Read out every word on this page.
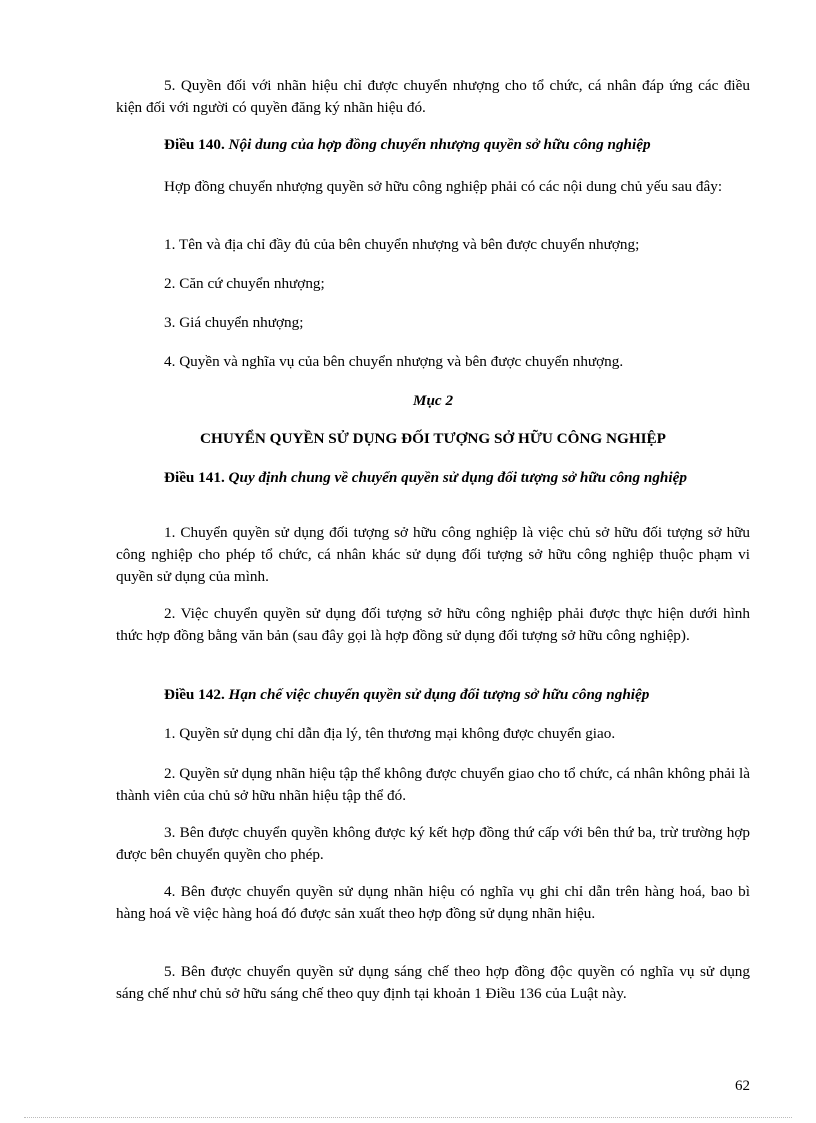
5. Quyền đối với nhãn hiệu chỉ được chuyển nhượng cho tổ chức, cá nhân đáp ứng các điều kiện đối với người có quyền đăng ký nhãn hiệu đó.

Điều 140. Nội dung của hợp đồng chuyển nhượng quyền sở hữu công nghiệp

Hợp đồng chuyển nhượng quyền sở hữu công nghiệp phải có các nội dung chủ yếu sau đây:

1. Tên và địa chỉ đầy đủ của bên chuyển nhượng và bên được chuyển nhượng;

2. Căn cứ chuyển nhượng;

3. Giá chuyển nhượng;

4. Quyền và nghĩa vụ của bên chuyển nhượng và bên được chuyển nhượng.

Mục 2
CHUYỂN QUYỀN SỬ DỤNG ĐỐI TƯỢNG SỞ HỮU CÔNG NGHIỆP
Điều 141. Quy định chung về chuyển quyền sử dụng đối tượng sở hữu công nghiệp

1. Chuyển quyền sử dụng đối tượng sở hữu công nghiệp là việc chủ sở hữu đối tượng sở hữu công nghiệp cho phép tổ chức, cá nhân khác sử dụng đối tượng sở hữu công nghiệp thuộc phạm vi quyền sử dụng của mình.

2. Việc chuyển quyền sử dụng đối tượng sở hữu công nghiệp phải được thực hiện dưới hình thức hợp đồng bằng văn bản (sau đây gọi là hợp đồng sử dụng đối tượng sở hữu công nghiệp).

Điều 142. Hạn chế việc chuyển quyền sử dụng đối tượng sở hữu công nghiệp

1. Quyền sử dụng chỉ dẫn địa lý, tên thương mại không được chuyển giao.

2. Quyền sử dụng nhãn hiệu tập thể không được chuyển giao cho tổ chức, cá nhân không phải là thành viên của chủ sở hữu nhãn hiệu tập thể đó.

3. Bên được chuyển quyền không được ký kết hợp đồng thứ cấp với bên thứ ba, trừ trường hợp được bên chuyển quyền cho phép.

4. Bên được chuyển quyền sử dụng nhãn hiệu có nghĩa vụ ghi chỉ dẫn trên hàng hoá, bao bì hàng hoá về việc hàng hoá đó được sản xuất theo hợp đồng sử dụng nhãn hiệu.

5. Bên được chuyển quyền sử dụng sáng chế theo hợp đồng độc quyền có nghĩa vụ sử dụng sáng chế như chủ sở hữu sáng chế theo quy định tại khoản 1 Điều 136 của Luật này.

62
